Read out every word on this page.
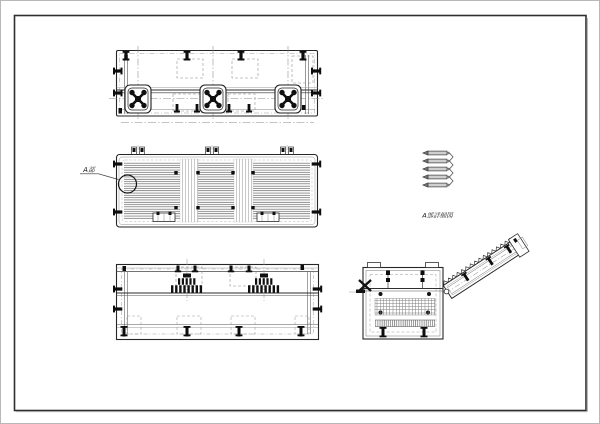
A部
A部詳細図
